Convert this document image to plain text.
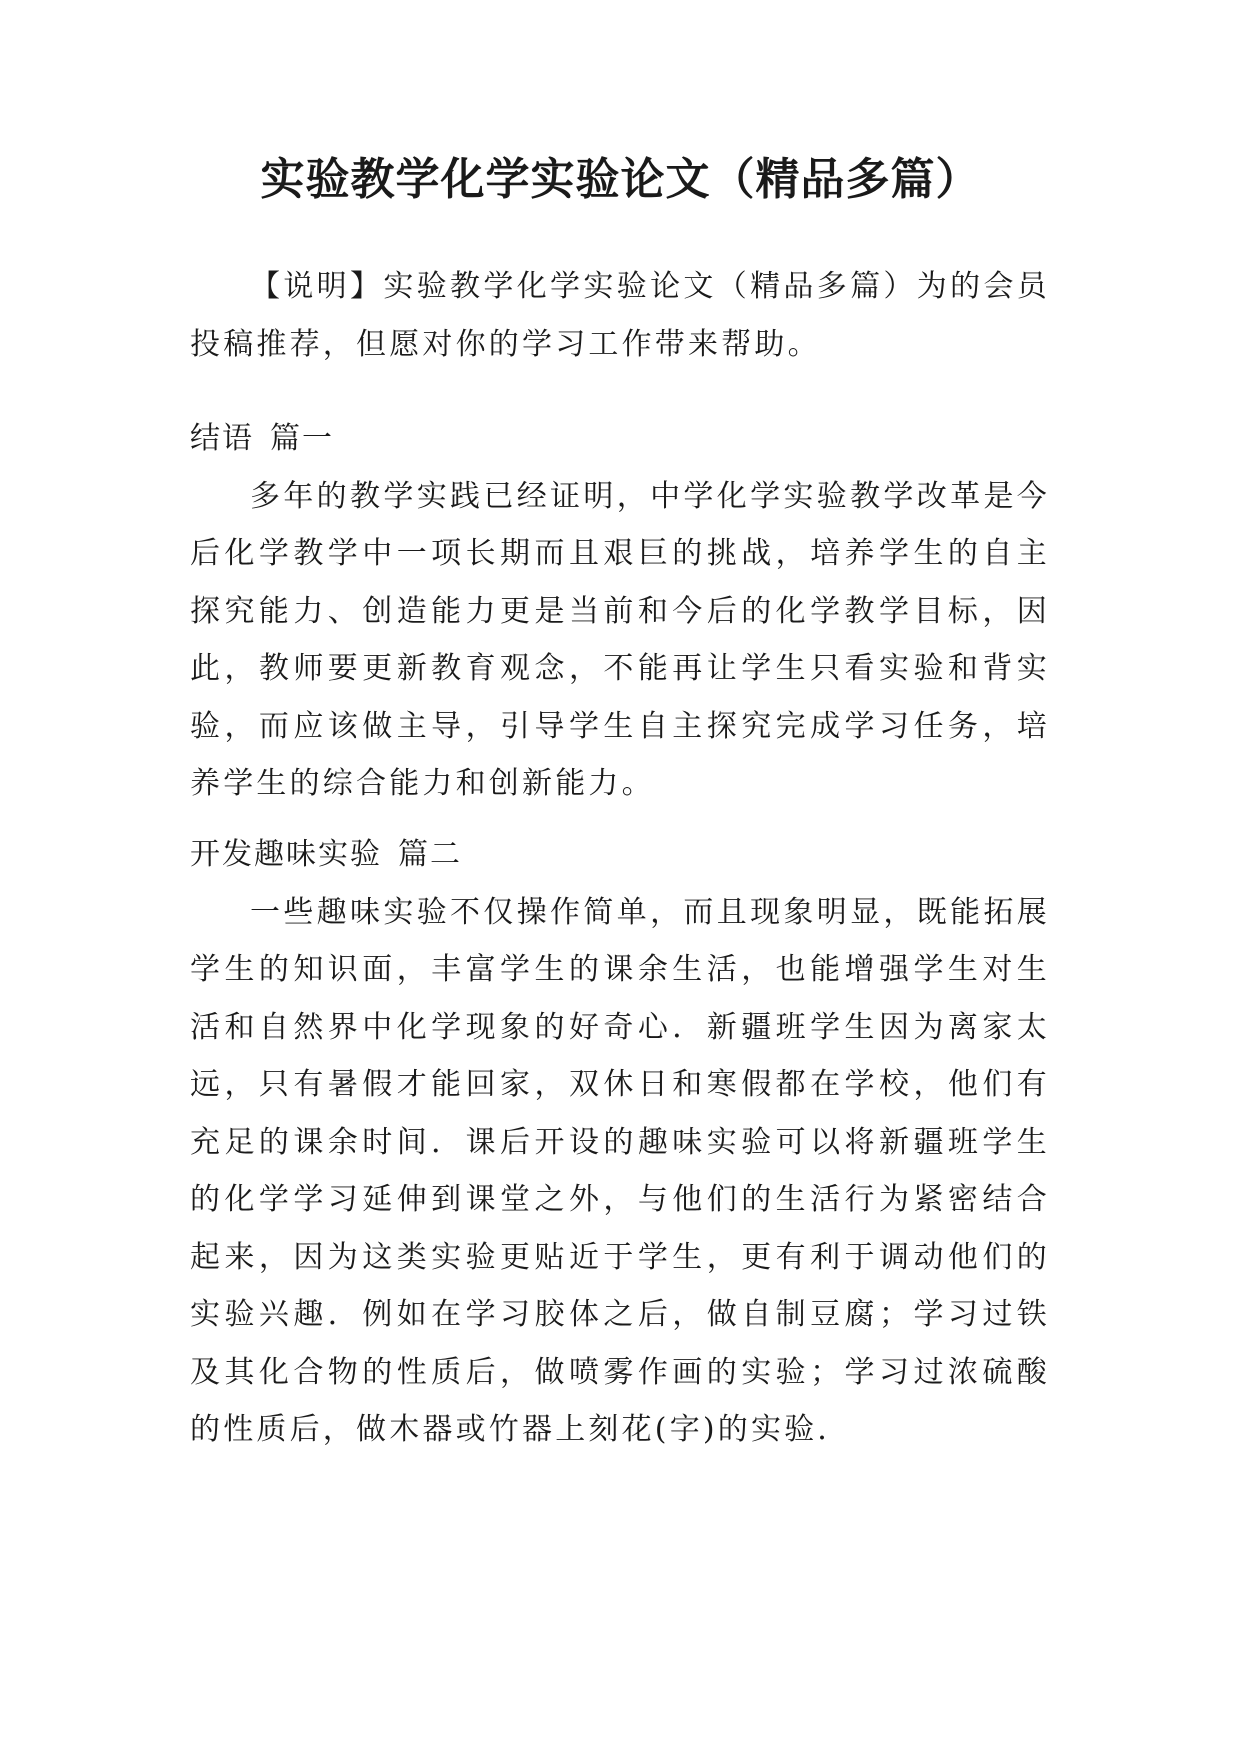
实验教学化学实验论文（精品多篇）

【说明】实验教学化学实验论文（精品多篇）为的会员投稿推荐，但愿对你的学习工作带来帮助。

结语 篇一

多年的教学实践已经证明，中学化学实验教学改革是今后化学教学中一项长期而且艰巨的挑战，培养学生的自主探究能力、创造能力更是当前和今后的化学教学目标，因此，教师要更新教育观念，不能再让学生只看实验和背实验，而应该做主导，引导学生自主探究完成学习任务，培养学生的综合能力和创新能力。

开发趣味实验 篇二

一些趣味实验不仅操作简单，而且现象明显，既能拓展学生的知识面，丰富学生的课余生活，也能增强学生对生活和自然界中化学现象的好奇心．新疆班学生因为离家太远，只有暑假才能回家，双休日和寒假都在学校，他们有充足的课余时间．课后开设的趣味实验可以将新疆班学生的化学学习延伸到课堂之外，与他们的生活行为紧密结合起来，因为这类实验更贴近于学生，更有利于调动他们的实验兴趣．例如在学习胶体之后，做自制豆腐；学习过铁及其化合物的性质后，做喷雾作画的实验；学习过浓硫酸的性质后，做木器或竹器上刻花(字)的实验．
